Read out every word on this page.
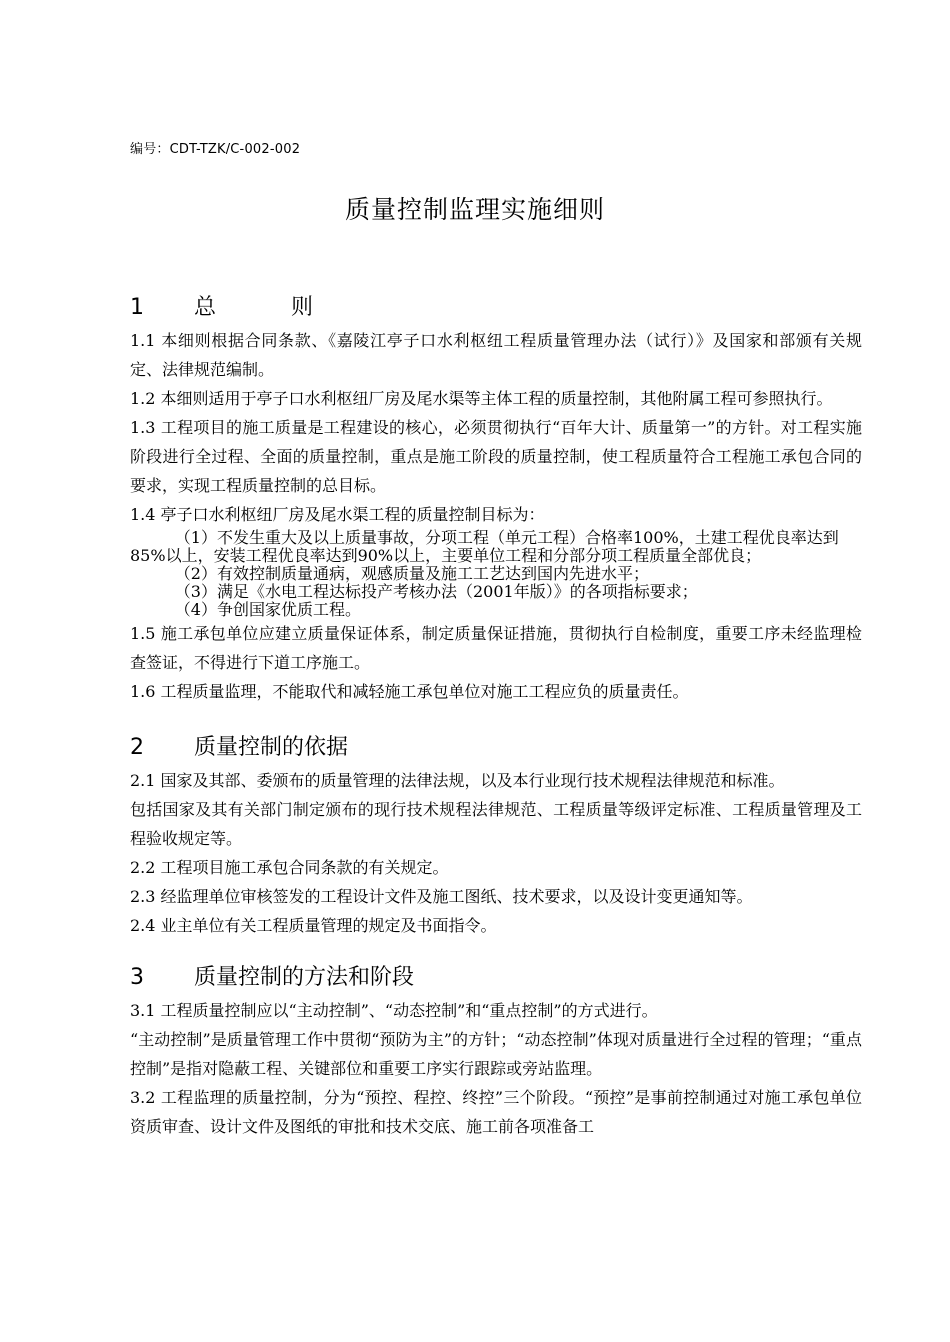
编号：CDT-TZK/C-002-002
质量控制监理实施细则
1 总 则

1.1 本细则根据合同条款、《嘉陵江亭子口水利枢纽工程质量管理办法（试行）》及国家和部颁有关规定、法律规范编制。

1.2 本细则适用于亭子口水利枢纽厂房及尾水渠等主体工程的质量控制，其他附属工程可参照执行。

1.3 工程项目的施工质量是工程建设的核心，必须贯彻执行“百年大计、质量第一”的方针。对工程实施阶段进行全过程、全面的质量控制，重点是施工阶段的质量控制，使工程质量符合工程施工承包合同的要求，实现工程质量控制的总目标。

1.4 亭子口水利枢纽厂房及尾水渠工程的质量控制目标为：

（1）不发生重大及以上质量事故，分项工程（单元工程）合格率100%，土建工程优良率达到85%以上，安装工程优良率达到90%以上，主要单位工程和分部分项工程质量全部优良；

（2）有效控制质量通病，观感质量及施工工艺达到国内先进水平；

（3）满足《水电工程达标投产考核办法（2001年版）》的各项指标要求；

（4）争创国家优质工程。

1.5 施工承包单位应建立质量保证体系，制定质量保证措施，贯彻执行自检制度，重要工序未经监理检查签证，不得进行下道工序施工。

1.6 工程质量监理，不能取代和减轻施工承包单位对施工工程应负的质量责任。

2 质量控制的依据

2.1 国家及其部、委颁布的质量管理的法律法规，以及本行业现行技术规程法律规范和标准。

包括国家及其有关部门制定颁布的现行技术规程法律规范、工程质量等级评定标准、工程质量管理及工程验收规定等。

2.2 工程项目施工承包合同条款的有关规定。

2.3 经监理单位审核签发的工程设计文件及施工图纸、技术要求，以及设计变更通知等。

2.4 业主单位有关工程质量管理的规定及书面指令。

3 质量控制的方法和阶段

3.1 工程质量控制应以“主动控制”、“动态控制”和“重点控制”的方式进行。

“主动控制”是质量管理工作中贯彻“预防为主”的方针；“动态控制”体现对质量进行全过程的管理；“重点控制”是指对隐蔽工程、关键部位和重要工序实行跟踪或旁站监理。

3.2 工程监理的质量控制，分为“预控、程控、终控”三个阶段。“预控”是事前控制通过对施工承包单位资质审查、设计文件及图纸的审批和技术交底、施工前各项准备工
